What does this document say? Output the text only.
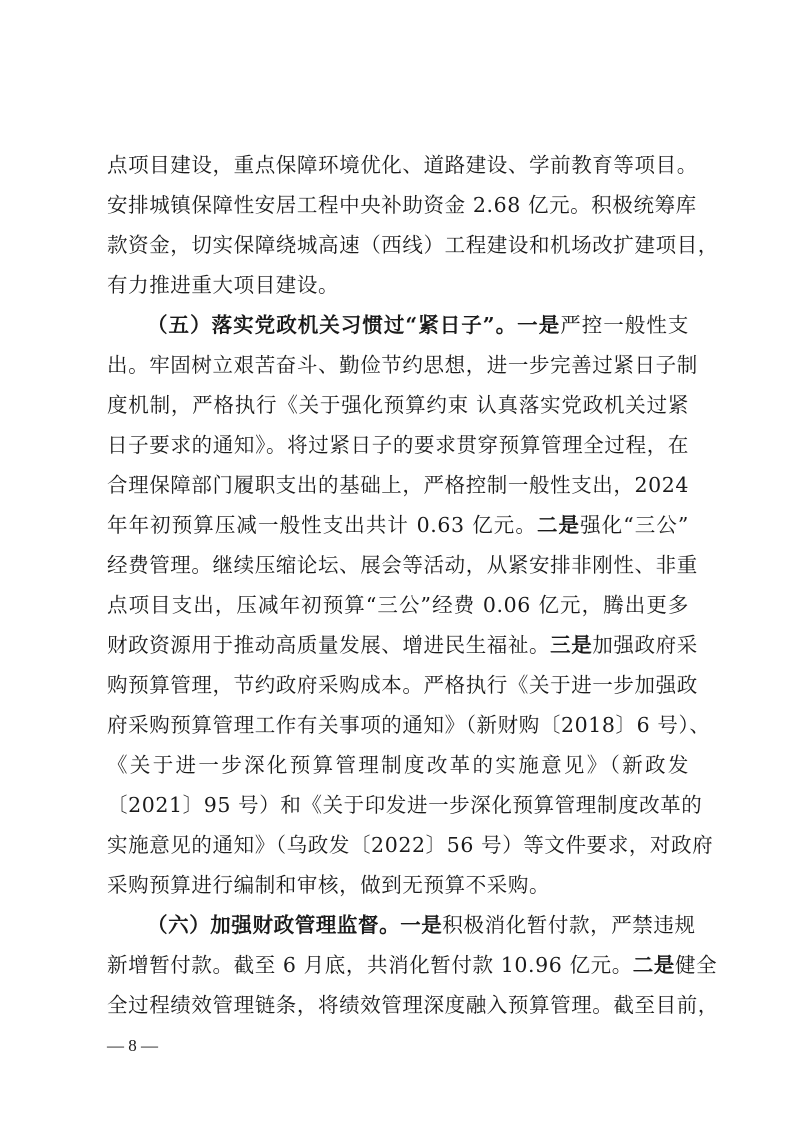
点项目建设，重点保障环境优化、道路建设、学前教育等项目。
安排城镇保障性安居工程中央补助资金 2.68 亿元。积极统筹库
款资金，切实保障绕城高速（西线）工程建设和机场改扩建项目，
有力推进重大项目建设。
（五）落实党政机关习惯过“紧日子”。一是严控一般性支
出。牢固树立艰苦奋斗、勤俭节约思想，进一步完善过紧日子制
度机制，严格执行《关于强化预算约束 认真落实党政机关过紧
日子要求的通知》。将过紧日子的要求贯穿预算管理全过程，在
合理保障部门履职支出的基础上，严格控制一般性支出，2024
年年初预算压减一般性支出共计 0.63 亿元。二是强化“三公”
经费管理。继续压缩论坛、展会等活动，从紧安排非刚性、非重
点项目支出，压减年初预算“三公”经费 0.06 亿元，腾出更多
财政资源用于推动高质量发展、增进民生福祉。三是加强政府采
购预算管理，节约政府采购成本。严格执行《关于进一步加强政
府采购预算管理工作有关事项的通知》（新财购〔2018〕6 号）、
《关于进一步深化预算管理制度改革的实施意见》（新政发
〔2021〕95 号）和《关于印发进一步深化预算管理制度改革的
实施意见的通知》（乌政发〔2022〕56 号）等文件要求，对政府
采购预算进行编制和审核，做到无预算不采购。
（六）加强财政管理监督。一是积极消化暂付款，严禁违规
新增暂付款。截至 6 月底，共消化暂付款 10.96 亿元。二是健全
全过程绩效管理链条，将绩效管理深度融入预算管理。截至目前，
— 8 —
